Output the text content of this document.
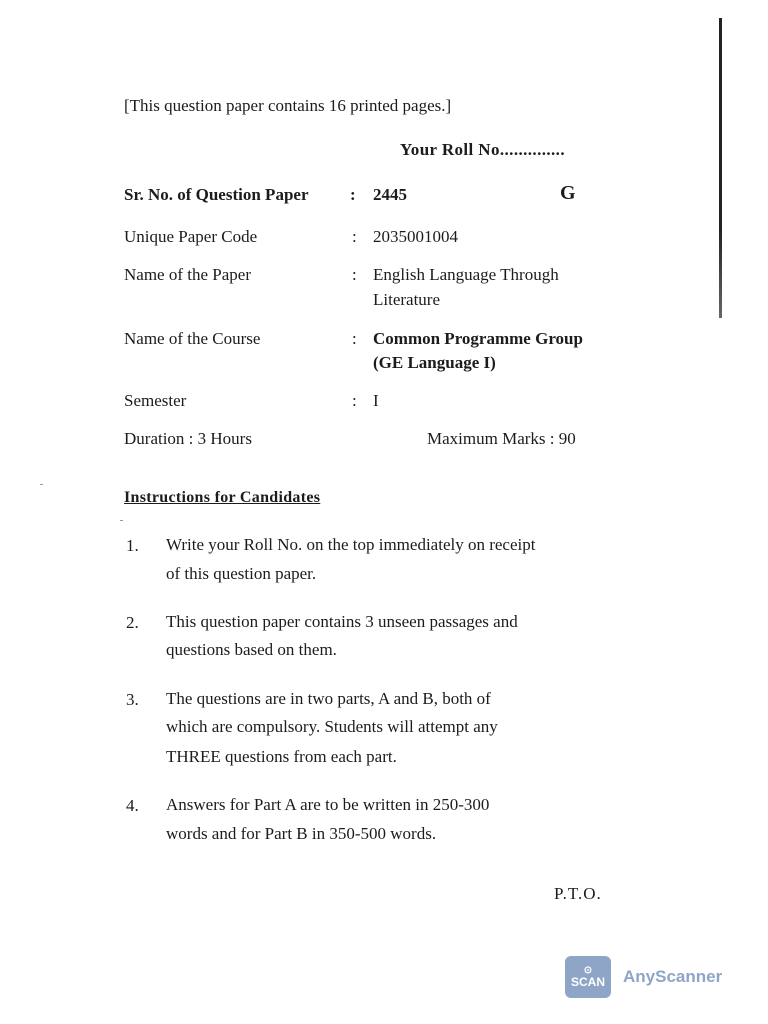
[This question paper contains 16 printed pages.]
Your Roll No..............
Sr. No. of Question Paper : 2445	G
Unique Paper Code	: 2035001004
Name of the Paper	: English Language Through
Literature
Name of the Course	: Common Programme Group
(GE Language I)
Semester	: I
Duration : 3 Hours	Maximum Marks : 90
Instructions for Candidates
1. Write your Roll No. on the top immediately on receipt
of this question paper.
2. This question paper contains 3 unseen passages and
questions based on them.
3. The questions are in two parts, A and B, both of
which are compulsory. Students will attempt any
THREE questions from each part.
4. Answers for Part A are to be written in 250-300
words and for Part B in 350-500 words.
P.T.O.
⊙
SCAN AnyScanner
